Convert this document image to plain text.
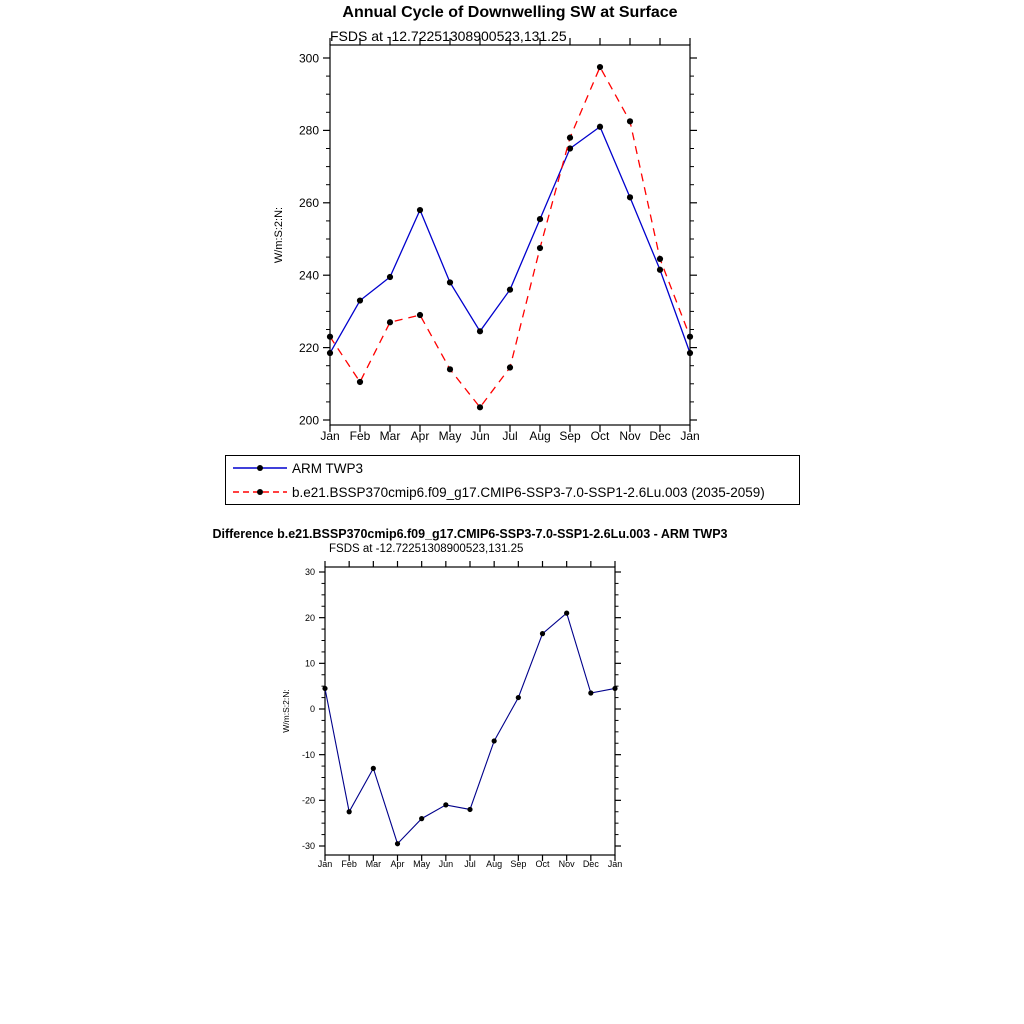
Annual Cycle of Downwelling SW at Surface
FSDS at -12.72251308900523,131.25
200
220
240
260
280
300
Jan Feb Mar Apr May Jun Jul Aug Sep Oct Nov Dec Jan
W/m:S:2:N:
ARM TWP3
b.e21.BSSP370cmip6.f09_g17.CMIP6-SSP3-7.0-SSP1-2.6Lu.003 (2035-2059)
Difference b.e21.BSSP370cmip6.f09_g17.CMIP6-SSP3-7.0-SSP1-2.6Lu.003 - ARM TWP3
FSDS at -12.72251308900523,131.25
-30
-20
-10
0
10
20
30
Jan Feb Mar Apr May Jun Jul Aug Sep Oct Nov Dec Jan
W/m:S:2:N:
